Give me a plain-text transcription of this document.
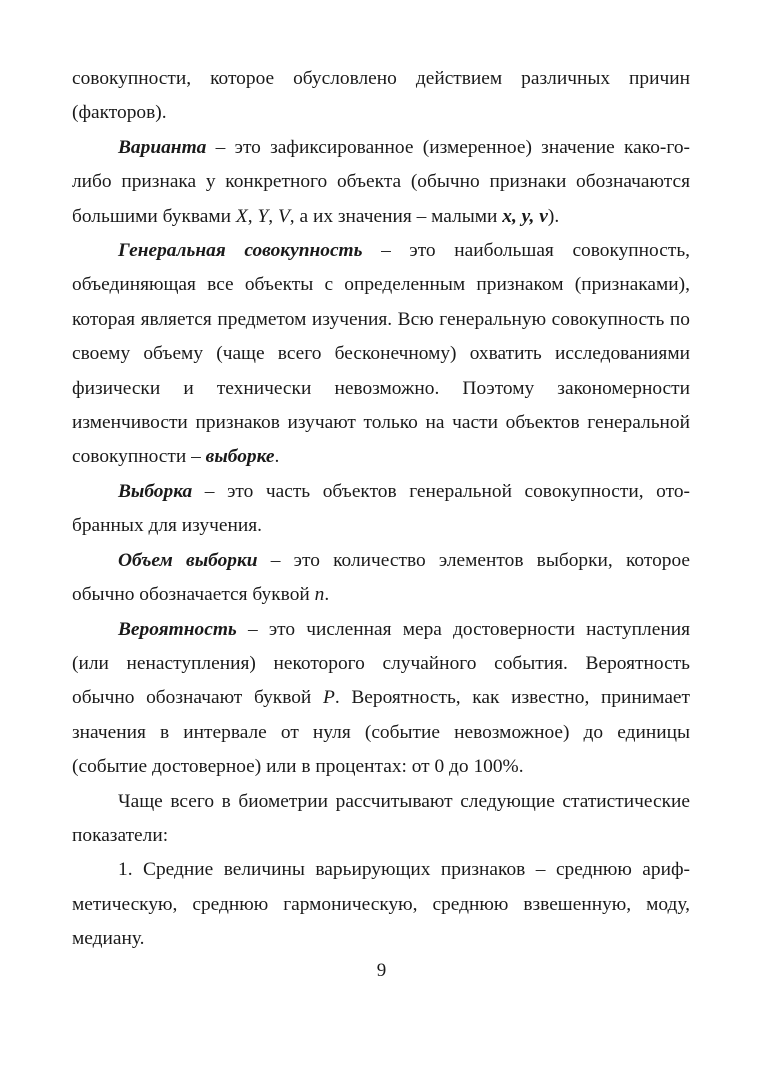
совокупности, которое обусловлено действием различных причин (факторов).

Варианта – это зафиксированное (измеренное) значение како-го-либо признака у конкретного объекта (обычно признаки обозначаются большими буквами X, Y, V, а их значения – малыми x, y, v).

Генеральная совокупность – это наибольшая совокупность, объединяющая все объекты с определенным признаком (признаками), которая является предметом изучения. Всю генеральную совокупность по своему объему (чаще всего бесконечному) охватить исследованиями физически и технически невозможно. Поэтому закономерности изменчивости признаков изучают только на части объектов генеральной совокупности – выборке.

Выборка – это часть объектов генеральной совокупности, отобранных для изучения.

Объем выборки – это количество элементов выборки, которое обычно обозначается буквой n.

Вероятность – это численная мера достоверности наступления (или ненаступления) некоторого случайного события. Вероятность обычно обозначают буквой P. Вероятность, как известно, принимает значения в интервале от нуля (событие невозможное) до единицы (событие достоверное) или в процентах: от 0 до 100%.

Чаще всего в биометрии рассчитывают следующие статистические показатели:

1. Средние величины варьирующих признаков – среднюю арифметическую, среднюю гармоническую, среднюю взвешенную, моду, медиану.

9
